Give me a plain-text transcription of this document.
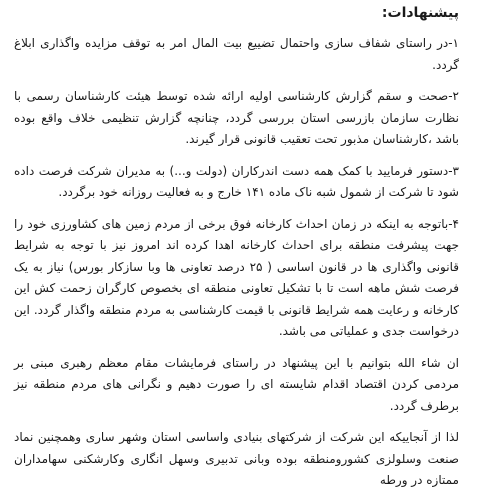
پیشنهادات:

۱-در راستای شفاف سازی واحتمال تضییع بیت المال امر به توقف مزایده واگذاری ابلاغ گردد.

۲-صحت و سقم گزارش کارشناسی اولیه ارائه شده توسط هیئت کارشناسان رسمی با نظارت سازمان بازرسی استان بررسی گردد، چنانچه گزارش تنظیمی خلاف واقع بوده باشد ،کارشناسان مذبور تحت تعقیب قانونی قرار گیرند.

۳-دستور فرمایید با کمک همه دست اندرکاران (دولت و...) به مدیران شرکت فرصت داده شود تا شرکت از شمول شبه ناک ماده ۱۴۱ خارج و به فعالیت روزانه خود برگردد.

۴-باتوجه به اینکه در زمان احداث کارخانه فوق برخی از مردم زمین های کشاورزی خود را جهت پیشرفت منطقه برای احداث کارخانه اهدا کرده اند امروز نیز با توجه به شرایط قانونی واگذاری ها در قانون اساسی ( ۲۵ درصد تعاونی ها وبا سازکار بورس) نیاز به یک فرصت شش ماهه است تا با تشکیل تعاونی منطقه ای بخصوص کارگران زحمت کش این کارخانه و رعایت همه شرایط قانونی با قیمت کارشناسی به مردم منطقه واگذار گردد. این درخواست جدی و عملیاتی می باشد.

ان شاء الله بتوانیم با این پیشنهاد در راستای فرمایشات مقام معظم رهبری مبنی بر مردمی کردن اقتصاد اقدام شایسته ای را صورت دهیم و نگرانی های مردم منطقه نیز برطرف گردد.

لذا از آنجاییکه این شرکت از شرکتهای بنیادی واساسی استان وشهر ساری وهمچنین نماد صنعت وسلولزی کشورومنطقه بوده وبانی تدبیری وسهل انگاری وکارشکنی سهامداران ممتازه در ورطه
